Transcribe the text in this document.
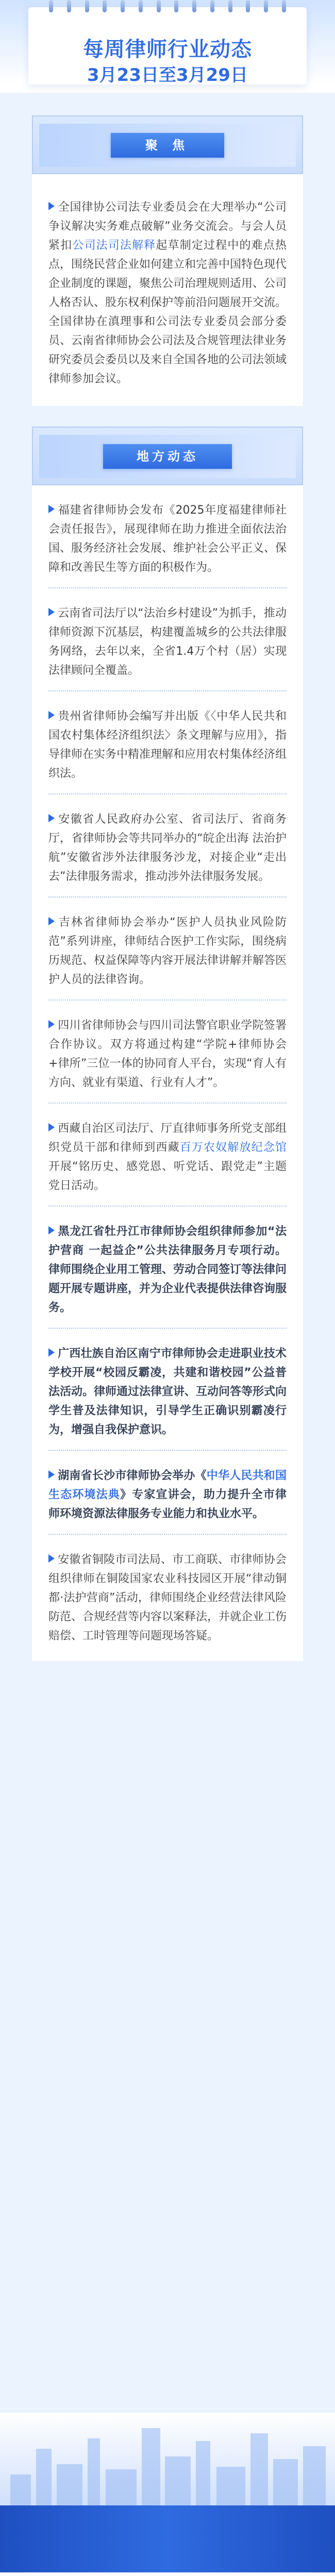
每周律师行业动态
3月23日至3月29日
聚 焦

全国律协公司法专业委员会在大理举办“公司争议解决实务难点破解”业务交流会。与会人员紧扣公司法司法解释起草制定过程中的难点热点，围绕民营企业如何建立和完善中国特色现代企业制度的课题，聚焦公司治理规则适用、公司人格否认、股东权利保护等前沿问题展开交流。全国律协在滇理事和公司法专业委员会部分委员、云南省律师协会公司法及合规管理法律业务研究委员会委员以及来自全国各地的公司法领域律师参加会议。

地方动态

福建省律师协会发布《2025年度福建律师社会责任报告》，展现律师在助力推进全面依法治国、服务经济社会发展、维护社会公平正义、保障和改善民生等方面的积极作为。

云南省司法厅以“法治乡村建设”为抓手，推动律师资源下沉基层，构建覆盖城乡的公共法律服务网络，去年以来，全省1.4万个村（居）实现法律顾问全覆盖。

贵州省律师协会编写并出版《〈中华人民共和国农村集体经济组织法〉条文理解与应用》，指导律师在实务中精准理解和应用农村集体经济组织法。

安徽省人民政府办公室、省司法厅、省商务厅，省律师协会等共同举办的“皖企出海 法治护航”安徽省涉外法律服务沙龙，对接企业“走出去”法律服务需求，推动涉外法律服务发展。

吉林省律师协会举办“医护人员执业风险防范”系列讲座，律师结合医护工作实际，围绕病历规范、权益保障等内容开展法律讲解并解答医护人员的法律咨询。

四川省律师协会与四川司法警官职业学院签署合作协议。双方将通过构建“学院+律师协会+律所”三位一体的协同育人平台，实现“育人有方向、就业有渠道、行业有人才”。

西藏自治区司法厅、厅直律师事务所党支部组织党员干部和律师到西藏百万农奴解放纪念馆开展“铭历史、感党恩、听党话、跟党走”主题党日活动。

黑龙江省牡丹江市律师协会组织律师参加“法护营商 一起益企”公共法律服务月专项行动。律师围绕企业用工管理、劳动合同签订等法律问题开展专题讲座，并为企业代表提供法律咨询服务。

广西壮族自治区南宁市律师协会走进职业技术学校开展“校园反霸凌，共建和谐校园”公益普法活动。律师通过法律宣讲、互动问答等形式向学生普及法律知识，引导学生正确识别霸凌行为，增强自我保护意识。

湖南省长沙市律师协会举办《中华人民共和国生态环境法典》专家宣讲会，助力提升全市律师环境资源法律服务专业能力和执业水平。

安徽省铜陵市司法局、市工商联、市律师协会组织律师在铜陵国家农业科技园区开展“律动铜都·法护营商”活动，律师围绕企业经营法律风险防范、合规经营等内容以案释法，并就企业工伤赔偿、工时管理等问题现场答疑。
